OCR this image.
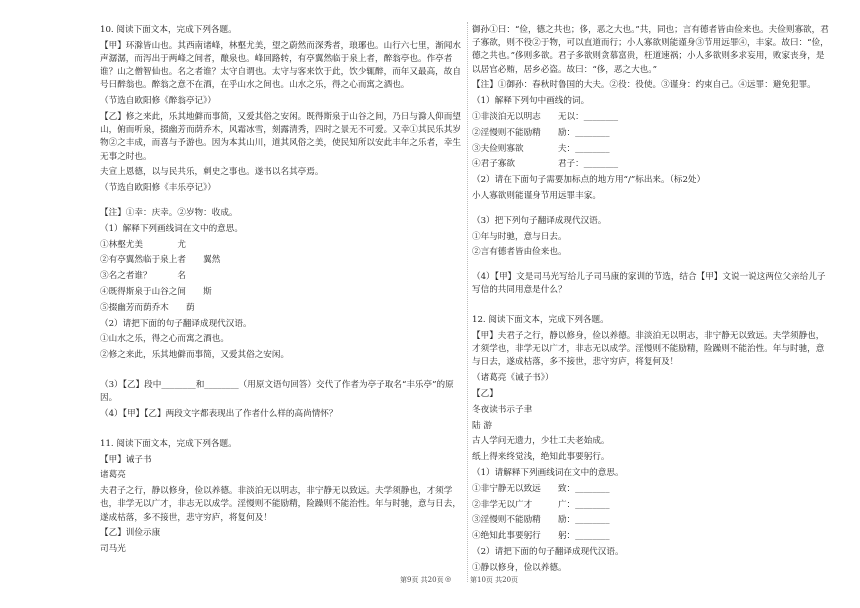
10. 阅读下面文本，完成下列各题。

【甲】环滁皆山也。其西南诸峰，林壑尤美，望之蔚然而深秀者，琅琊也。山行六七里，渐闻水声潺潺，而泻出于两峰之间者，酿泉也。峰回路转，有亭翼然临于泉上者，醉翁亭也。作亭者谁？山之僧智仙也。名之者谁？太守自谓也。太守与客来饮于此，饮少辄醉，而年又最高，故自号曰醉翁也。醉翁之意不在酒，在乎山水之间也。山水之乐，得之心而寓之酒也。

（节选自欧阳修《醉翁亭记》）

【乙】修之来此，乐其地僻而事简，又爱其俗之安闲。既得斯泉于山谷之间，乃日与滁人仰而望山，俯而听泉，掇幽芳而荫乔木，风霜冰雪，刻露清秀，四时之景无不可爱。又幸①其民乐其岁物②之丰成，而喜与予游也。因为本其山川，道其风俗之美，使民知所以安此丰年之乐者，幸生无事之时也。

夫宣上恩德，以与民共乐，刺史之事也。遂书以名其亭焉。

（节选自欧阳修《丰乐亭记》）

【注】①幸：庆幸。②岁物：收成。

（1）解释下列画线词在文中的意思。

①林壑尤美　　　　尤

②有亭翼然临于泉上者　　翼然

③名之者谁？　　　名

④既得斯泉于山谷之间　　斯

⑤掇幽芳而荫乔木　　荫

（2）请把下面的句子翻译成现代汉语。

①山水之乐，得之心而寓之酒也。

②修之来此，乐其地僻而事简，又爱其俗之安闲。

（3）【乙】段中________和________（用原文语句回答）交代了作者为亭子取名“丰乐亭”的原因。

（4）【甲】【乙】两段文字都表现出了作者什么样的高尚情怀？

11. 阅读下面文本，完成下列各题。

【甲】诫子书

诸葛亮

夫君子之行，静以修身，俭以养德。非淡泊无以明志，非宁静无以致远。夫学须静也，才须学也，非学无以广才，非志无以成学。淫慢则不能励精，险躁则不能治性。年与时驰，意与日去，遂成枯落，多不接世，悲守穷庐，将复何及！

【乙】训俭示康

司马光

御孙①曰：“俭，德之共也；侈，恶之大也。”共，同也；言有德者皆由俭来也。夫俭则寡欲，君子寡欲，则不役②于物，可以直道而行；小人寡欲则能谨身③节用远罪④，丰家。故曰：“俭，德之共也。”侈则多欲。君子多欲则贪慕富贵，枉道速祸；小人多欲则多求妄用，败家丧身，是以居官必贿，居乡必盗。故曰：“侈，恶之大也。”

【注】①御孙：春秋时鲁国的大夫。②役：役使。③谨身：约束自己。④远罪：避免犯罪。

（1）解释下列句中画线的词。

①非淡泊无以明志　　无以：________

②淫慢则不能励精　　励：________

③夫俭则寡欲　　　　夫：________

④君子寡欲　　　　　君子：________

（2）请在下面句子需要加标点的地方用“/”标出来。（标2处）

小人寡欲则能谨身节用远罪丰家。

（3）把下列句子翻译成现代汉语。

①年与时驰，意与日去。

②言有德者皆由俭来也。

（4）【甲】文是司马光写给儿子司马康的家训的节选，结合【甲】文说一说这两位父亲给儿子写信的共同用意是什么？

12. 阅读下面文本，完成下列各题。

【甲】夫君子之行，静以修身，俭以养德。非淡泊无以明志，非宁静无以致远。夫学须静也，才须学也，非学无以广才，非志无以成学。淫慢则不能励精，险躁则不能治性。年与时驰，意与日去，遂成枯落，多不接世，悲守穷庐，将复何及！

（诸葛亮《诫子书》）

【乙】

冬夜读书示子聿

陆 游

古人学问无遗力，少壮工夫老始成。

纸上得来终觉浅，绝知此事要躬行。

（1）请解释下列画线词在文中的意思。

①非宁静无以致远　　致：________

②非学无以广才　　　广：________

③淫慢则不能励精　　励：________

④绝知此事要躬行　　躬：________

（2）请把下面的句子翻译成现代汉语。

①静以修身，俭以养德。

第9页 共20页 ◎	第10页 共20页
